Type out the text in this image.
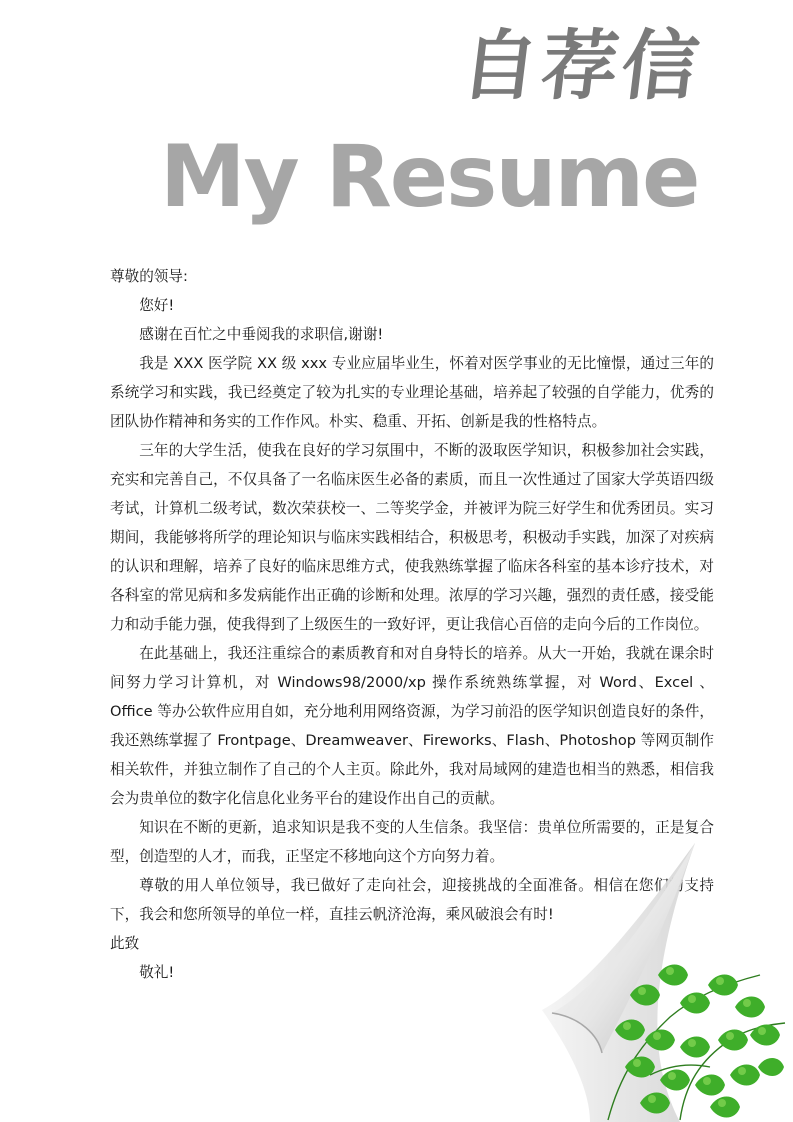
自荐信
My Resume

尊敬的领导:

您好!

感谢在百忙之中垂阅我的求职信,谢谢!

我是 XXX 医学院 XX 级 xxx 专业应届毕业生，怀着对医学事业的无比憧憬，通过三年的系统学习和实践，我已经奠定了较为扎实的专业理论基础，培养起了较强的自学能力，优秀的团队协作精神和务实的工作作风。朴实、稳重、开拓、创新是我的性格特点。

三年的大学生活，使我在良好的学习氛围中，不断的汲取医学知识，积极参加社会实践，充实和完善自己，不仅具备了一名临床医生必备的素质，而且一次性通过了国家大学英语四级考试，计算机二级考试，数次荣获校一、二等奖学金，并被评为院三好学生和优秀团员。实习期间，我能够将所学的理论知识与临床实践相结合，积极思考，积极动手实践，加深了对疾病的认识和理解，培养了良好的临床思维方式，使我熟练掌握了临床各科室的基本诊疗技术，对各科室的常见病和多发病能作出正确的诊断和处理。浓厚的学习兴趣，强烈的责任感，接受能力和动手能力强，使我得到了上级医生的一致好评，更让我信心百倍的走向今后的工作岗位。

在此基础上，我还注重综合的素质教育和对自身特长的培养。从大一开始，我就在课余时间努力学习计算机，对 Windows98/2000/xp 操作系统熟练掌握，对 Word、Excel 、Office 等办公软件应用自如，充分地利用网络资源，为学习前沿的医学知识创造良好的条件，我还熟练掌握了 Frontpage、Dreamweaver、Fireworks、Flash、Photoshop 等网页制作相关软件，并独立制作了自己的个人主页。除此外，我对局域网的建造也相当的熟悉，相信我会为贵单位的数字化信息化业务平台的建设作出自己的贡献。

知识在不断的更新，追求知识是我不变的人生信条。我坚信：贵单位所需要的，正是复合型，创造型的人才，而我，正坚定不移地向这个方向努力着。

尊敬的用人单位领导，我已做好了走向社会，迎接挑战的全面准备。相信在您们的支持下，我会和您所领导的单位一样，直挂云帆济沧海，乘风破浪会有时!

此致

敬礼!
